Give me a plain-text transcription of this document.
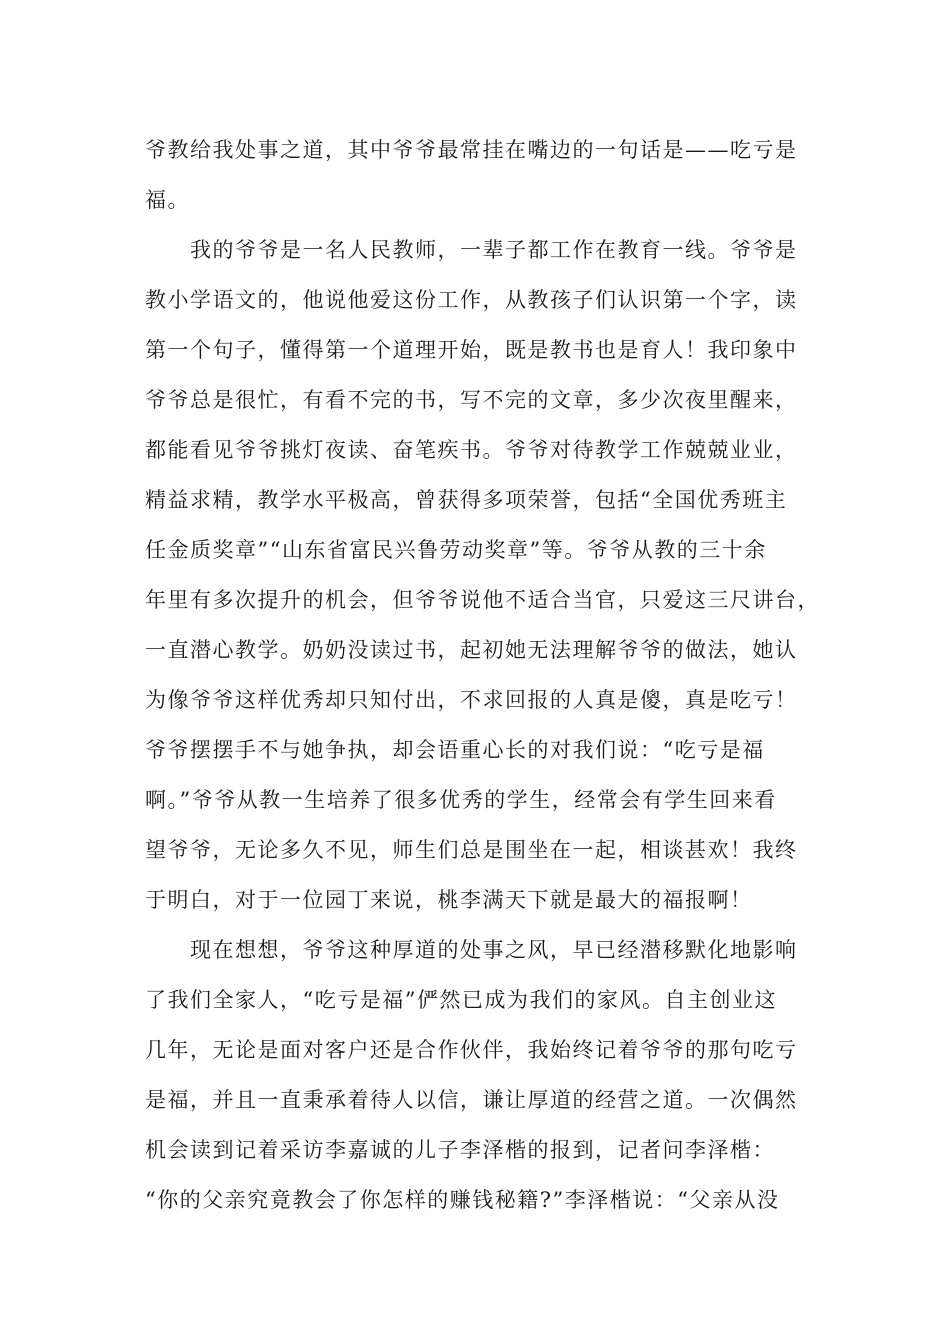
爷教给我处事之道，其中爷爷最常挂在嘴边的一句话是——吃亏是
福。
我的爷爷是一名人民教师，一辈子都工作在教育一线。爷爷是
教小学语文的，他说他爱这份工作，从教孩子们认识第一个字，读
第一个句子，懂得第一个道理开始，既是教书也是育人！我印象中
爷爷总是很忙，有看不完的书，写不完的文章，多少次夜里醒来，
都能看见爷爷挑灯夜读、奋笔疾书。爷爷对待教学工作兢兢业业，
精益求精，教学水平极高，曾获得多项荣誉，包括“全国优秀班主
任金质奖章”“山东省富民兴鲁劳动奖章”等。爷爷从教的三十余
年里有多次提升的机会，但爷爷说他不适合当官，只爱这三尺讲台，
一直潜心教学。奶奶没读过书，起初她无法理解爷爷的做法，她认
为像爷爷这样优秀却只知付出，不求回报的人真是傻，真是吃亏！
爷爷摆摆手不与她争执，却会语重心长的对我们说：“吃亏是福
啊。”爷爷从教一生培养了很多优秀的学生，经常会有学生回来看
望爷爷，无论多久不见，师生们总是围坐在一起，相谈甚欢！我终
于明白，对于一位园丁来说，桃李满天下就是最大的福报啊！
现在想想，爷爷这种厚道的处事之风，早已经潜移默化地影响
了我们全家人，“吃亏是福”俨然已成为我们的家风。自主创业这
几年，无论是面对客户还是合作伙伴，我始终记着爷爷的那句吃亏
是福，并且一直秉承着待人以信，谦让厚道的经营之道。一次偶然
机会读到记着采访李嘉诚的儿子李泽楷的报到，记者问李泽楷：
“你的父亲究竟教会了你怎样的赚钱秘籍?”李泽楷说：“父亲从没
